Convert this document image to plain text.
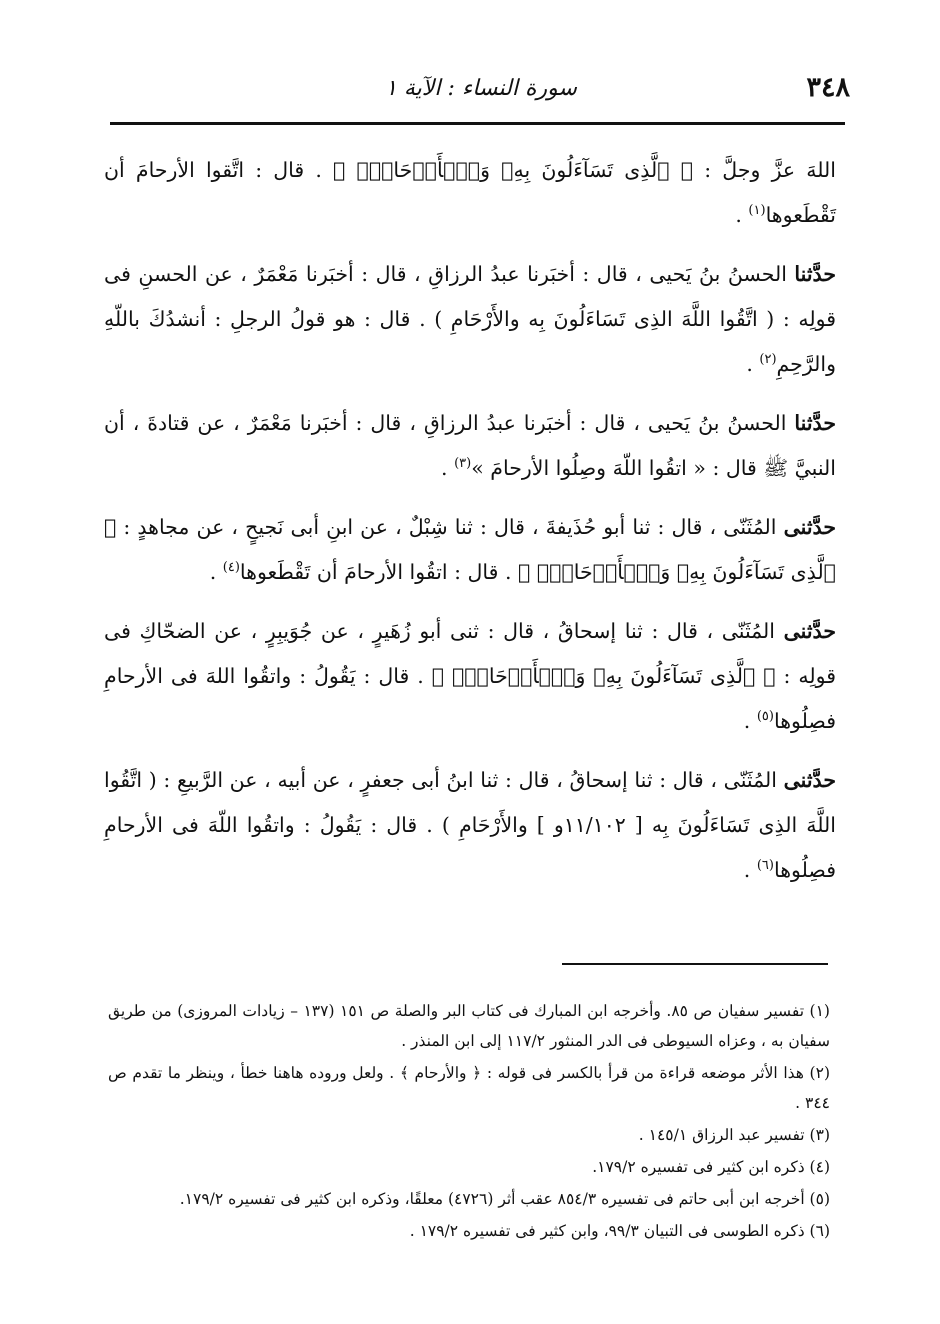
٣٤٨
سورة النساء : الآية ١

اللهَ عزَّ وجلَّ : ﴿ ٱلَّذِى تَسَآءَلُونَ بِهِۦ وَٱلۡأَرۡحَامَۚ ﴾ . قال : اتَّقوا الأرحامَ أن تَقْطَعوها$^{(١)}$ .

حدَّثنا الحسنُ بنُ يَحيى ، قال : أخبَرنا عبدُ الرزاقِ ، قال : أخبَرنا مَعْمَرٌ ، عن الحسنِ فى قولِه : ( اتَّقُوا اللَّهَ الذِى تَسَاءَلُونَ بِه والأَرْحَامِ ) . قال : هو قولُ الرجلِ : أنشدُكَ باللّهِ والرَّحِمِ$^{(٢)}$ .

حدَّثنا الحسنُ بنُ يَحيى ، قال : أخبَرنا عبدُ الرزاقِ ، قال : أخبَرنا مَعْمَرٌ ، عن قتادةَ ، أن النبيَّ ﷺ قال : « اتقُوا اللّهَ وصِلُوا الأرحامَ »$^{(٣)}$ .

حدَّثنى المُثَنّى ، قال : ثنا أبو حُذَيفةَ ، قال : ثنا شِبْلٌ ، عن ابنِ أبى نَجيحٍ ، عن مجاهدٍ : ﴿ ٱلَّذِى تَسَآءَلُونَ بِهِۦ وَٱلۡأَرۡحَامَۚ ﴾ . قال : اتقُوا الأرحامَ أن تَقْطَعوها$^{(٤)}$ .

حدَّثنى المُثَنّى ، قال : ثنا إسحاقُ ، قال : ثنى أبو زُهَيرٍ ، عن جُوَيبِرٍ ، عن الضحّاكِ فى قولِه : ﴿ ٱلَّذِى تَسَآءَلُونَ بِهِۦ وَٱلۡأَرۡحَامَۚ ﴾ . قال : يَقُولُ : واتقُوا اللهَ فى الأرحامِ فصِلُوها$^{(٥)}$ .

حدَّثنى المُثَنّى ، قال : ثنا إسحاقُ ، قال : ثنا ابنُ أبى جعفرٍ ، عن أبيه ، عن الرَّبيعِ : ( اتَّقُوا اللَّهَ الذِى تَسَاءَلُونَ بِه [ ١١/١٠٢و ] والأَرْحَامِ ) . قال : يَقُولُ : واتقُوا اللّهَ فى الأرحامِ فصِلُوها$^{(٦)}$ .

(١) تفسير سفيان ص ٨٥. وأخرجه ابن المبارك فى كتاب البر والصلة ص ١٥١ (١٣٧ – زيادات المروزى) من طريق سفيان به ، وعزاه السيوطى فى الدر المنثور ١١٧/٢ إلى ابن المنذر .
(٢) هذا الأثر موضعه قراءة من قرأ بالكسر فى قوله : ﴿ والأرحام ﴾ . ولعل وروده هاهنا خطأ ، وينظر ما تقدم ص ٣٤٤ .
(٣) تفسير عبد الرزاق ١٤٥/١ .
(٤) ذكره ابن كثير فى تفسيره ١٧٩/٢.
(٥) أخرجه ابن أبى حاتم فى تفسيره ٨٥٤/٣ عقب أثر (٤٧٢٦) معلقًا، وذكره ابن كثير فى تفسيره ١٧٩/٢.
(٦) ذكره الطوسى فى التبيان ٩٩/٣، وابن كثير فى تفسيره ١٧٩/٢ .
